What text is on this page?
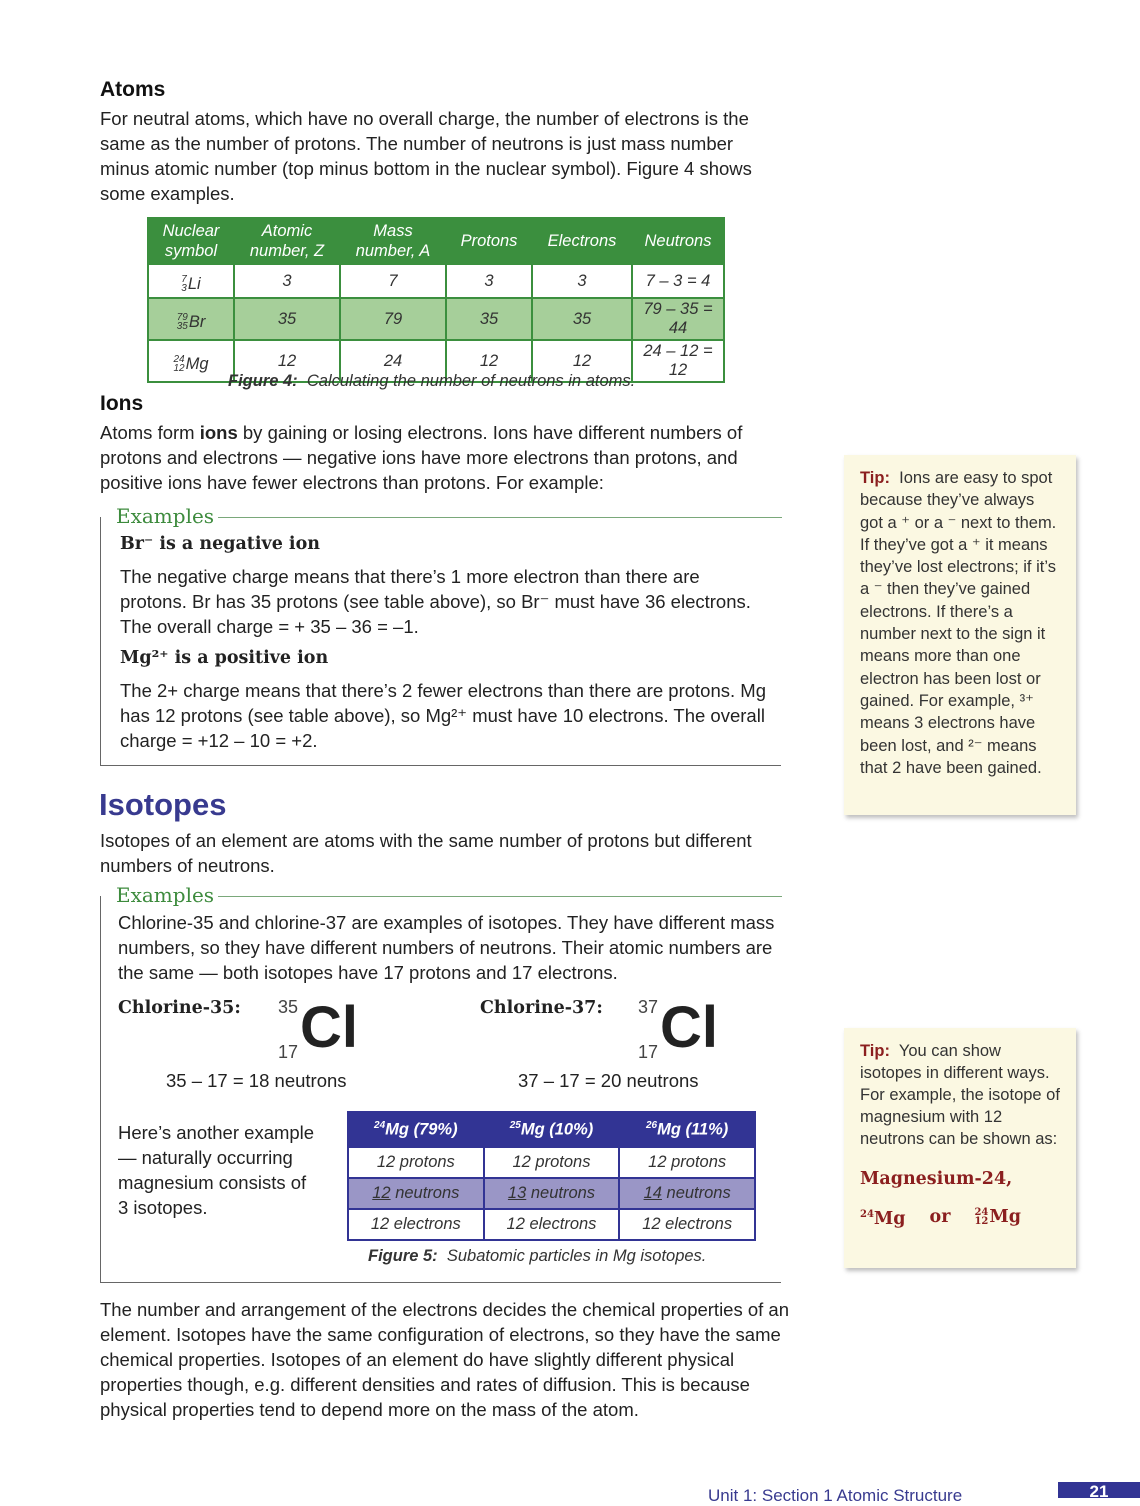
Atoms

For neutral atoms, which have no overall charge, the number of electrons is the same as the number of protons. The number of neutrons is just mass number minus atomic number (top minus bottom in the nuclear symbol). Figure 4 shows some examples.

Nuclear symbol	Atomic number, Z	Mass number, A	Protons	Electrons	Neutrons

7
3 Li	3	7	3	3	7 – 3 = 4

79
35 Br	35	79	35	35	79 – 35 = 44

24
12 Mg	12	24	12	12	24 – 12 = 12
Figure 4: Calculating the number of neutrons in atoms.
Ions

Atoms form ions by gaining or losing electrons. Ions have different numbers of protons and electrons — negative ions have more electrons than protons, and positive ions have fewer electrons than protons. For example:

Examples
Br⁻ is a negative ion

The negative charge means that there’s 1 more electron than there are protons. Br has 35 protons (see table above), so Br⁻ must have 36 electrons. The overall charge = + 35 – 36 = –1.

Mg²⁺ is a positive ion

The 2+ charge means that there’s 2 fewer electrons than there are protons. Mg has 12 protons (see table above), so Mg²⁺ must have 10 electrons. The overall charge = +12 – 10 = +2.

Tip: Ions are easy to spot because they’ve always got a ⁺ or a ⁻ next to them. If they’ve got a ⁺ it means they’ve lost electrons; if it’s a ⁻ then they’ve gained electrons. If there’s a number next to the sign it means more than one electron has been lost or gained. For example, ³⁺ means 3 electrons have been lost, and ²⁻ means that 2 have been gained.
Isotopes

Isotopes of an element are atoms with the same number of protons but different numbers of neutrons.

Examples

Chlorine-35 and chlorine-37 are examples of isotopes. They have different mass numbers, so they have different numbers of neutrons. Their atomic numbers are the same — both isotopes have 17 protons and 17 electrons.

Chlorine-35: 35
17 Cl
35 – 17 = 18 neutrons
Chlorine-37: 37
17 Cl
37 – 17 = 20 neutrons

Here’s another example — naturally occurring magnesium consists of 3 isotopes.

$^{24}$Mg (79%)	$^{25}$Mg (10%)	$^{26}$Mg (11%)
12 protons	12 protons	12 protons
12 neutrons	13 neutrons	14 neutrons
12 electrons	12 electrons	12 electrons
Figure 5: Subatomic particles in Mg isotopes.

The number and arrangement of the electrons decides the chemical properties of an element. Isotopes have the same configuration of electrons, so they have the same chemical properties. Isotopes of an element do have slightly different physical properties though, e.g. different densities and rates of diffusion. This is because physical properties tend to depend more on the mass of the atom.

Tip: You can show isotopes in different ways. For example, the isotope of magnesium with 12 neutrons can be shown as:
Magnesium-24,
$^{24}$Mg or 24
12 Mg
Unit 1: Section 1 Atomic Structure	21
